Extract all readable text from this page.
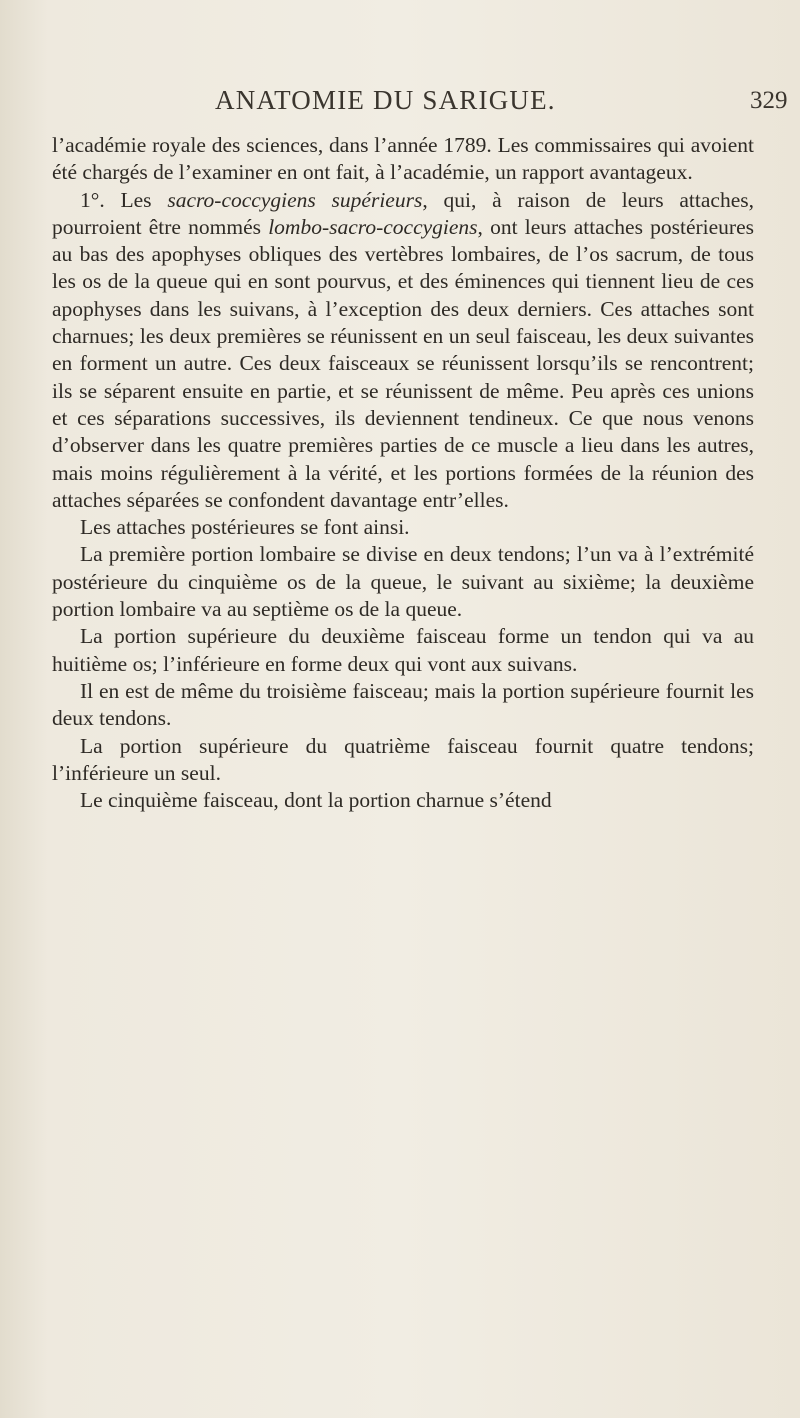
ANATOMIE DU SARIGUE.	329

l’académie royale des sciences, dans l’année 1789. Les commissaires qui avoient été chargés de l’examiner en ont fait, à l’académie, un rapport avantageux.

1°. Les sacro-coccygiens supérieurs, qui, à raison de leurs attaches, pourroient être nommés lombo-sacro-coccygiens, ont leurs attaches postérieures au bas des apophyses obliques des vertèbres lombaires, de l’os sacrum, de tous les os de la queue qui en sont pourvus, et des éminences qui tiennent lieu de ces apophyses dans les suivans, à l’exception des deux derniers. Ces attaches sont charnues; les deux premières se réunissent en un seul faisceau, les deux suivantes en forment un autre. Ces deux faisceaux se réunissent lorsqu’ils se rencontrent; ils se séparent ensuite en partie, et se réunissent de même. Peu après ces unions et ces séparations successives, ils deviennent tendineux. Ce que nous venons d’observer dans les quatre premières parties de ce muscle a lieu dans les autres, mais moins régulièrement à la vérité, et les portions formées de la réunion des attaches séparées se confondent davantage entr’elles.

Les attaches postérieures se font ainsi.

La première portion lombaire se divise en deux tendons; l’un va à l’extrémité postérieure du cinquième os de la queue, le suivant au sixième; la deuxième portion lombaire va au septième os de la queue.

La portion supérieure du deuxième faisceau forme un tendon qui va au huitième os; l’inférieure en forme deux qui vont aux suivans.

Il en est de même du troisième faisceau; mais la portion supérieure fournit les deux tendons.

La portion supérieure du quatrième faisceau fournit quatre tendons; l’inférieure un seul.

Le cinquième faisceau, dont la portion charnue s’étend
